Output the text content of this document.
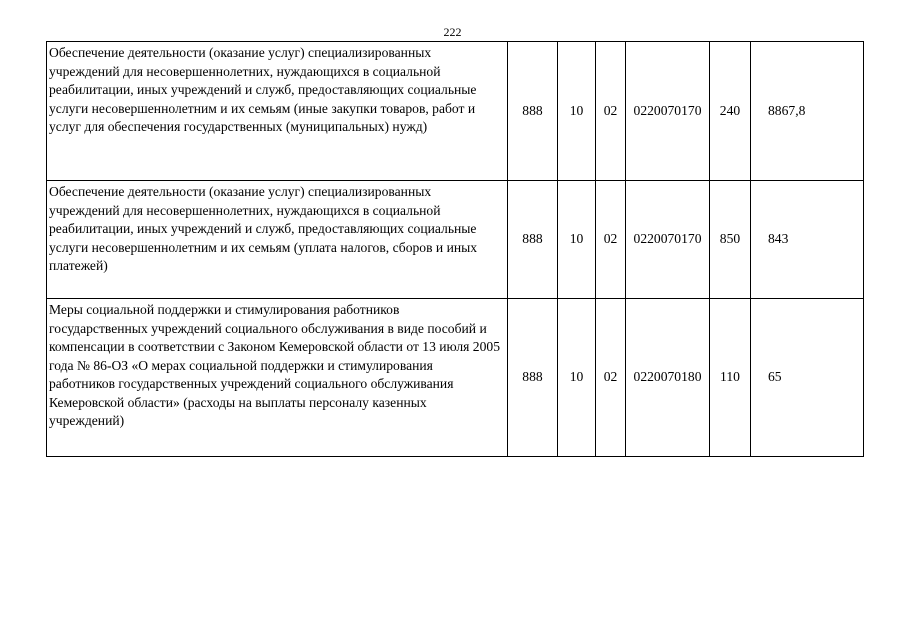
222
Обеспечение деятельности (оказание услуг) специализированных учреждений для несовершеннолетних, нуждающихся в социальной реабилитации, иных учреждений и служб, предоставляющих социальные услуги несовершеннолетним и их семьям (иные закупки товаров, работ и услуг для обеспечения государственных (муниципальных) нужд)	888	10	02	0220070170	240	8867,8
Обеспечение деятельности (оказание услуг) специализированных учреждений для несовершеннолетних, нуждающихся в социальной реабилитации, иных учреждений и служб, предоставляющих социальные услуги несовершеннолетним и их семьям (уплата налогов, сборов и иных платежей)	888	10	02	0220070170	850	843
Меры социальной поддержки и стимулирования работников государственных учреждений социального обслуживания в виде пособий и компенсации в соответствии с Законом Кемеровской области от 13 июля 2005 года № 86-ОЗ «О мерах социальной поддержки и стимулирования работников государственных учреждений социального обслуживания Кемеровской области» (расходы на выплаты персоналу казенных учреждений)	888	10	02	0220070180	110	65
